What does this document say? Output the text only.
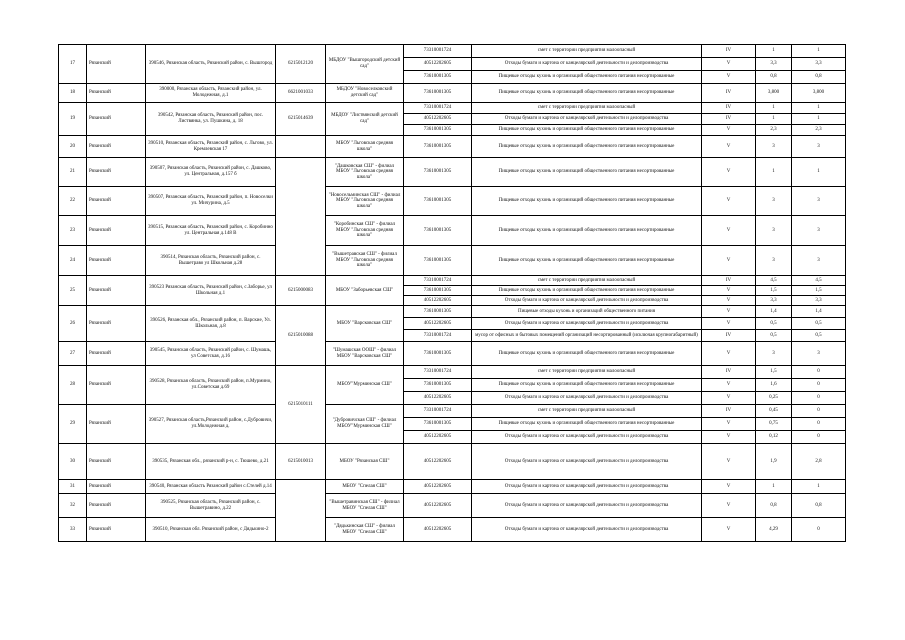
17	Рязанский	390546, Рязанская область, Рязанский район, с. Вышгород	6215012120	МБДОУ "Вышгородский детский сад"	73310001724	смет с территории предприятия малоопасный	IV	1	1
					40512202605	Отходы бумаги и картона от канцелярской деятельности и делопроизводства	V	3,3	3,3
					73610001305	Пищевые отходы кухонь и организаций общественного питания несортированные	V	0,8	0,8
18	Рязанский	390000, Рязанская область, Рязанский район, ул. Молодежная, д.1	6621001033	МБДОУ "Новоселковский детский сад"	73610001305	Пищевые отходы кухонь и организаций общественного питания несортированные	IV	3,800	3,800
19	Рязанский	390542, Рязанская область, Рязанский район, пос. Листвянка, ул. Пушкина, д. 18	6215014639	МБДОУ "Листвянский детский сад"	73310001724	смет с территории предприятия малоопасный	IV	1	1
					40512202605	Отходы бумаги и картона от канцелярской деятельности и делопроизводства	IV	1	1
					73610001305	Пищевые отходы кухонь и организаций общественного питания несортированные	V	2,3	2,3
20	Рязанский	390510, Рязанская область, Рязанский район, с. Льгово, ул. Кремлевская 17		МБОУ "Льговская средняя школа"	73610001305	Пищевые отходы кухонь и организаций общественного питания несортированные	V	3	3
21	Рязанский	390507, Рязанская область, Рязанский район, с. Дашково, ул. Центральная, д.157 б		"Дашковская СШ" - филиал МБОУ "Льговская средняя школа"	73610001305	Пищевые отходы кухонь и организаций общественного питания несортированные	V	1	1
22	Рязанский	390507, Рязанская область, Рязанский район, п. Новоселки ул. Мичурина, д.5		"Новосельминская СШ" - филиал МБОУ "Льговская средняя школа"	73610001305	Пищевые отходы кухонь и организаций общественного питания несортированные	V	3	3
23	Рязанский	390515, Рязанская область, Рязанский район, с. Коробинно ул. Центральная д.148 В		"Коробинская СШ" - филиал МБОУ "Льговская средняя школа"	73610001305	Пищевые отходы кухонь и организаций общественного питания несортированные	V	3	3
24	Рязанский	390514, Рязанская область, Рязанский район, с. Вышетраво ул Школьная д.28		"Вышетравская СШ" - филиал МБОУ "Льговская средняя школа"	73610001305	Пищевые отходы кухонь и организаций общественного питания несортированные	V	3	3
25	Рязанский	390523 Рязанская область, Рязанский район, с.Заборье, ул Школьная д.1	6215000083	МБОУ "Заборьевская СШ"	73310001724	смет с территории предприятия малоопасный	IV	4,5	4,5
					73610001305	Пищевые отходы кухонь и организаций общественного питания несортированные	V	1,5	1,5
					40512202605	Отходы бумаги и картона от канцелярской деятельности и делопроизводства	V	3,3	3,3
26	Рязанский	390526, Рязанская обл., Рязанский район, п. Варские, Ул. Школьная, д.8	6215010088	МБОУ "Варсковская СШ"	73610001305	Пищевые отходы кухонь и организаций общественного питания	V	1,4	1,4
					40512202605	Отходы бумаги и картона от канцелярской деятельности и делопроизводства	V	0,5	0,5
					73310001724	мусор от офисных и бытовых помещений организаций несортированный (исключая крупногабаритный)	IV	0,5	0,5
27	Рязанский	390545, Рязанская область, Рязанский район, с. Шумашь, ул Советская, д.16		"Шумашская ООШ" - филиал МБОУ "Варсковская СШ"	73610001305	Пищевые отходы кухонь и организаций общественного питания несортированные	V	3	3
28	Рязанский	390528, Рязанская область, Рязанский район, п.Мурмино, ул.Советская д.69	6215010111	МБОУ"Мурминская СШ"	73310001724	смет с территории предприятия малоопасный	IV	1,5	0
					73610001305	Пищевые отходы кухонь и организаций общественного питания несортированные	V	1,6	0
					40512202605	Отходы бумаги и картона от канцелярской деятельности и делопроизводства	V	0,25	0
29	Рязанский	390527, Рязанская область,Рязанский район, с.Дубровичи, ул.Молодежная д.		"Дубровичская СШ" - филиал МБОУ"Мурминская СШ"	73310001724	смет с территории предприятия малоопасный	IV	0,45	0
					73610001305	Пищевые отходы кухонь и организаций общественного питания несортированные	V	0,75	0
					40512202605	Отходы бумаги и картона от канцелярской деятельности и делопроизводства	V	0,12	0
30	Рязанский	390535, Рязанская обл., рязанский р-н, с. Тюшево, д.21	6215010013	МБОУ "Рязанская СШ"	40512202605	Отходы бумаги и картона от канцелярской деятельности и делопроизводства	V	1,9	2,8
31	Рязанский	390540, Рязанская область Рязанский район с.Стелей д.14		МБОУ "Спелая СШ"	40512202605	Отходы бумаги и картона от канцелярской деятельности и делопроизводства	V	1	1
32	Рязанский	390525, Рязанская область, Рязанский район, с. Вышетравино, д.22		"Вышетравинская СШ" - филиал МБОУ "Спелая СШ"	40512202605	Отходы бумаги и картона от канцелярской деятельности и делопроизводства	V	0,8	0,8
33	Рязанский	390510, Рязанская обл. Рязанский район, с Дядькино-2		"Дядькинская СШ" - филиал МБОУ "Спелая СШ"	40512202605	Отходы бумаги и картона от канцелярской деятельности и делопроизводства	V	4,29	0
